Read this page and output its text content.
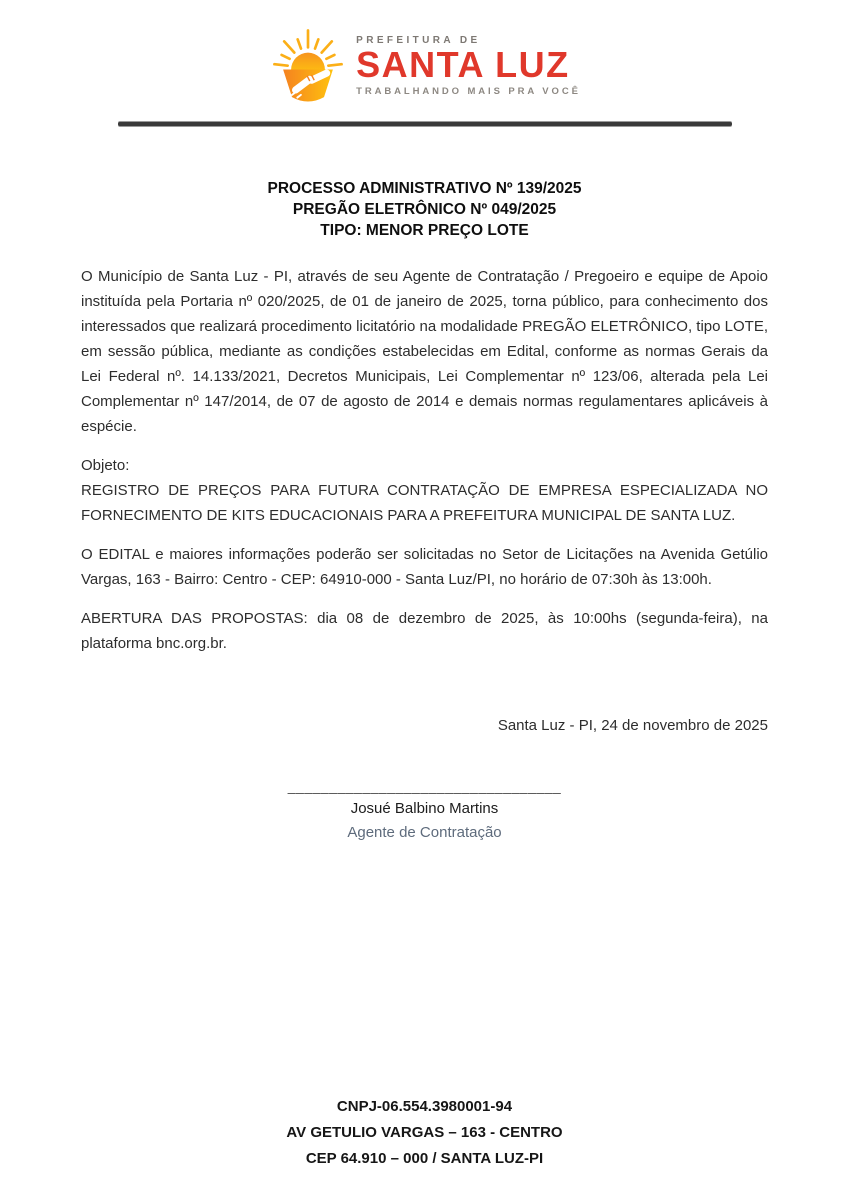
PREFEITURA DE
SANTA LUZ
TRABALHANDO MAIS PRA VOCÊ
PROCESSO ADMINISTRATIVO Nº 139/2025
PREGÃO ELETRÔNICO Nº 049/2025
TIPO: MENOR PREÇO LOTE

O Município de Santa Luz - PI, através de seu Agente de Contratação / Pregoeiro e equipe de Apoio instituída pela Portaria nº 020/2025, de 01 de janeiro de 2025, torna público, para conhecimento dos interessados que realizará procedimento licitatório na modalidade PREGÃO ELETRÔNICO, tipo LOTE, em sessão pública, mediante as condições estabelecidas em Edital, conforme as normas Gerais da Lei Federal nº. 14.133/2021, Decretos Municipais, Lei Complementar nº 123/06, alterada pela Lei Complementar nº 147/2014, de 07 de agosto de 2014 e demais normas regulamentares aplicáveis à espécie.

Objeto:
REGISTRO DE PREÇOS PARA FUTURA CONTRATAÇÃO DE EMPRESA ESPECIALIZADA NO FORNECIMENTO DE KITS EDUCACIONAIS PARA A PREFEITURA MUNICIPAL DE SANTA LUZ.

O EDITAL e maiores informações poderão ser solicitadas no Setor de Licitações na Avenida Getúlio Vargas, 163 - Bairro: Centro - CEP: 64910-000 - Santa Luz/PI, no horário de 07:30h às 13:00h.

ABERTURA DAS PROPOSTAS: dia 08 de dezembro de 2025, às 10:00hs (segunda-feira), na plataforma bnc.org.br.

Santa Luz - PI, 24 de novembro de 2025

_________________________________
Josué Balbino Martins
Agente de Contratação
CNPJ-06.554.3980001-94
AV GETULIO VARGAS – 163 - CENTRO
CEP 64.910 – 000 / SANTA LUZ-PI
